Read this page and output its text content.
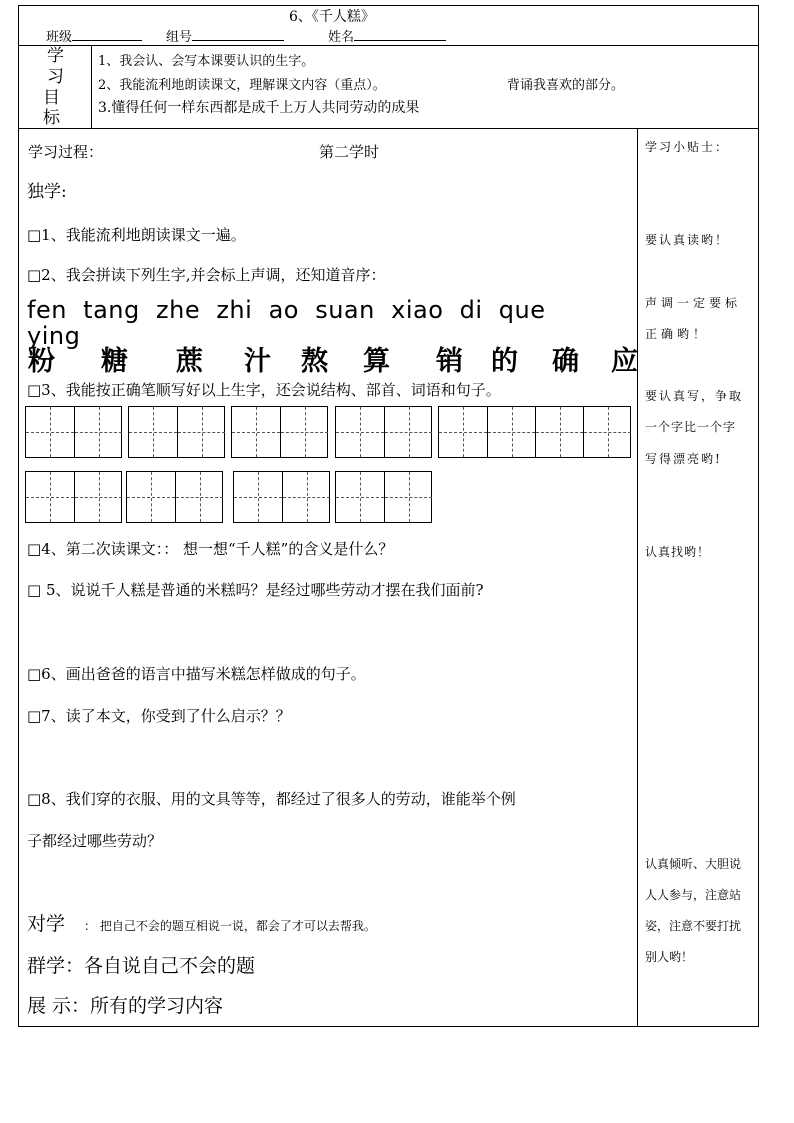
6、《千人糕》
班级	组号	姓名
学
习
目
标
1、我会认、会写本课要认识的生字。
2、我能流利地朗读课文，理解课文内容（重点）。	背诵我喜欢的部分。
3.懂得任何一样东西都是成千上万人共同劳动的成果
学习过程：	第二学时
独学:
□1、我能流利地朗读课文一遍。
□2、我会拼读下列生字,并会标上声调，还知道音序：
fen  tang  zhe  zhi  ao  suan  xiao  di  que
ying
粉 糖 蔗 汁 熬 算 销 的 确 应
□3、我能按正确笔顺写好以上生字，还会说结构、部首、词语和句子。
□4、第二次读课文：： 想一想“千人糕”的含义是什么？
□ 5、说说千人糕是普通的米糕吗？是经过哪些劳动才摆在我们面前?
□6、画出爸爸的语言中描写米糕怎样做成的句子。
□7、读了本文，你受到了什么启示？？
□8、我们穿的衣服、用的文具等等，都经过了很多人的劳动，谁能举个例
子都经过哪些劳动？
对学 ： 把自己不会的题互相说一说，都会了才可以去帮我。
群学：各自说自己不会的题
展 示：所有的学习内容
学习小贴士：
要认真读哟！
声调一定要标
正确哟！
要认真写，争取
一个字比一个字
写得漂亮哟!
认真找哟！
认真倾听、大胆说
人人参与，注意站
姿，注意不要打扰
别人哟！
